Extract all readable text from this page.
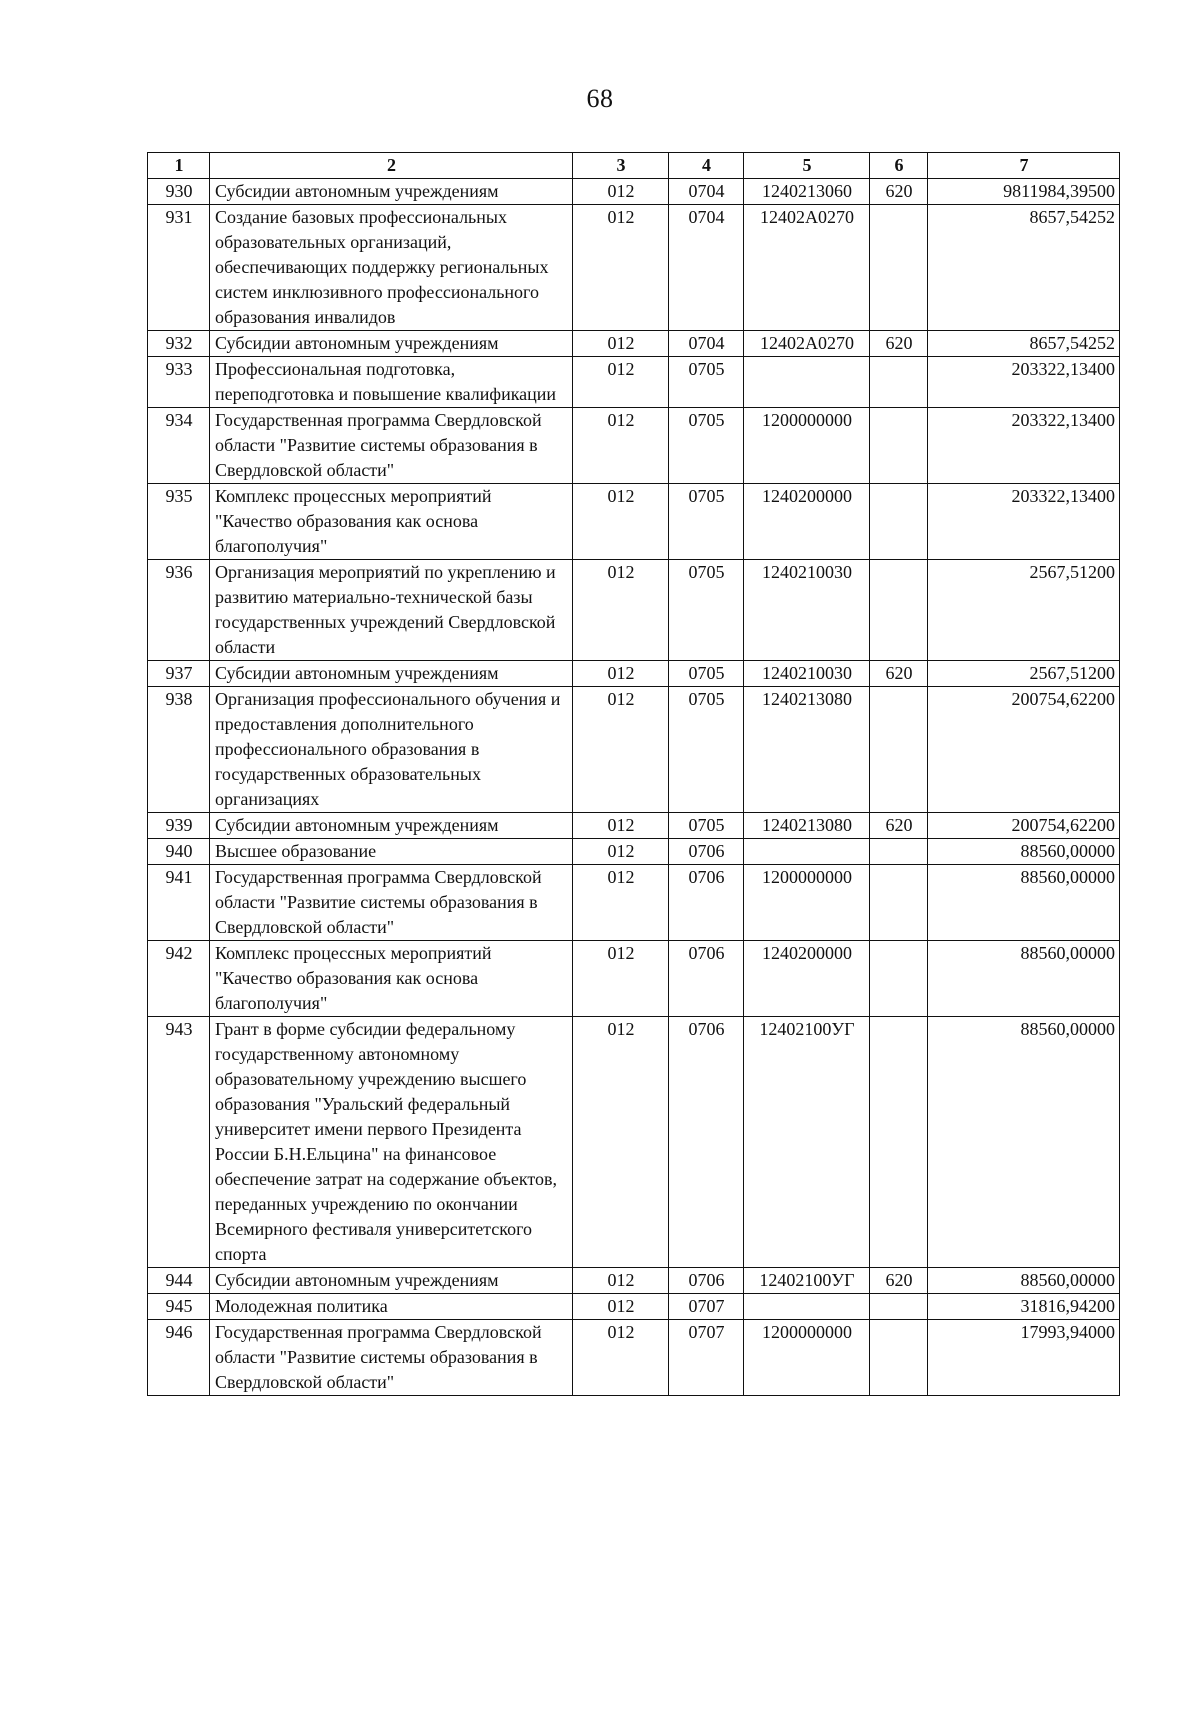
68
1	2	3	4	5	6	7
930	Субсидии автономным учреждениям	012	0704	1240213060	620	9811984,39500
931	Создание базовых профессиональных образовательных организаций, обеспечивающих поддержку региональных систем инклюзивного профессионального образования инвалидов	012	0704	12402А0270		8657,54252
932	Субсидии автономным учреждениям	012	0704	12402А0270	620	8657,54252
933	Профессиональная подготовка, переподготовка и повышение квалификации	012	0705			203322,13400
934	Государственная программа Свердловской области "Развитие системы образования в Свердловской области"	012	0705	1200000000		203322,13400
935	Комплекс процессных мероприятий "Качество образования как основа благополучия"	012	0705	1240200000		203322,13400
936	Организация мероприятий по укреплению и развитию материально-технической базы государственных учреждений Свердловской области	012	0705	1240210030		2567,51200
937	Субсидии автономным учреждениям	012	0705	1240210030	620	2567,51200
938	Организация профессионального обучения и предоставления дополнительного профессионального образования в государственных образовательных организациях	012	0705	1240213080		200754,62200
939	Субсидии автономным учреждениям	012	0705	1240213080	620	200754,62200
940	Высшее образование	012	0706			88560,00000
941	Государственная программа Свердловской области "Развитие системы образования в Свердловской области"	012	0706	1200000000		88560,00000
942	Комплекс процессных мероприятий "Качество образования как основа благополучия"	012	0706	1240200000		88560,00000
943	Грант в форме субсидии федеральному государственному автономному образовательному учреждению высшего образования "Уральский федеральный университет имени первого Президента России Б.Н.Ельцина" на финансовое обеспечение затрат на содержание объектов, переданных учреждению по окончании Всемирного фестиваля университетского спорта	012	0706	12402100УГ		88560,00000
944	Субсидии автономным учреждениям	012	0706	12402100УГ	620	88560,00000
945	Молодежная политика	012	0707			31816,94200
946	Государственная программа Свердловской области "Развитие системы образования в Свердловской области"	012	0707	1200000000		17993,94000
